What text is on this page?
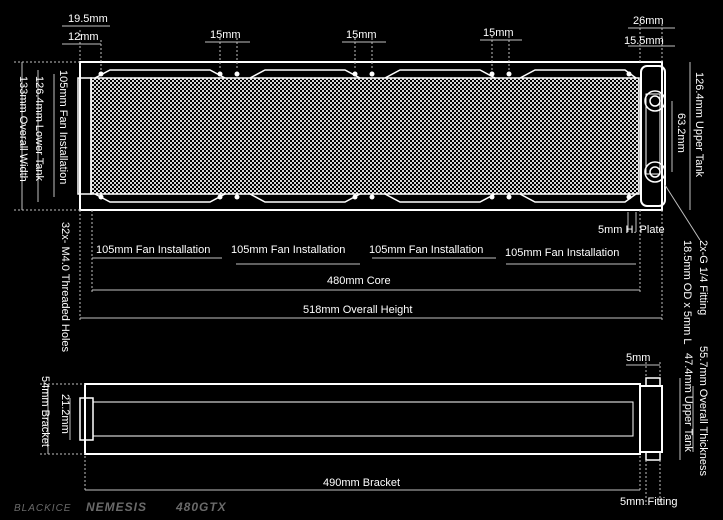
19.5mm
12mm	15mm	15mm	15mm
26mm
15.5mm
105mm Fan Installation
126.4mm Lower Tank
133mm Overall Width
32x- M4.0 Threaded Holes
126.4mm Upper Tank
63.2mm
2x-G 1/4 Fitting
18.5mm OD x 5mm L
105mm Fan Installation 105mm Fan Installation 105mm Fan Installation 105mm Fan Installation
5mm H. Plate
480mm Core
518mm Overall Height
5mm	55.7mm Overall Thickness
47.4mm Upper Tank
54mm Bracket 21.2mm
490mm Bracket
5mm Fitting
BLACKICE NEMESIS 480GTX
